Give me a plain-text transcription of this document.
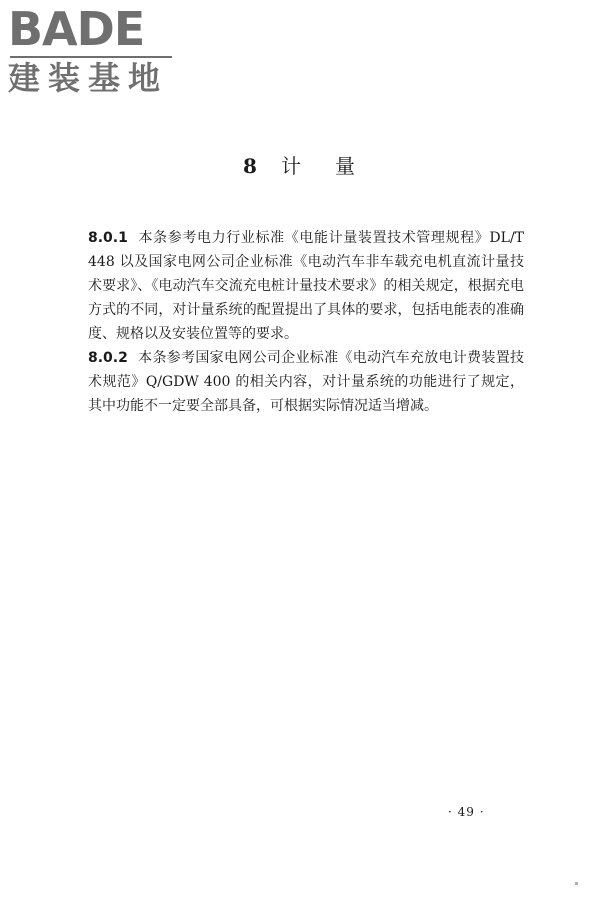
BADE
建装基地
8 计 量

8.0.1 本条参考电力行业标准《电能计量装置技术管理规程》DL/T 448 以及国家电网公司企业标准《电动汽车非车载充电机直流计量技术要求》、《电动汽车交流充电桩计量技术要求》的相关规定，根据充电方式的不同，对计量系统的配置提出了具体的要求，包括电能表的准确度、规格以及安装位置等的要求。

8.0.2 本条参考国家电网公司企业标准《电动汽车充放电计费装置技术规范》Q/GDW 400 的相关内容，对计量系统的功能进行了规定，其中功能不一定要全部具备，可根据实际情况适当增减。

· 49 ·
